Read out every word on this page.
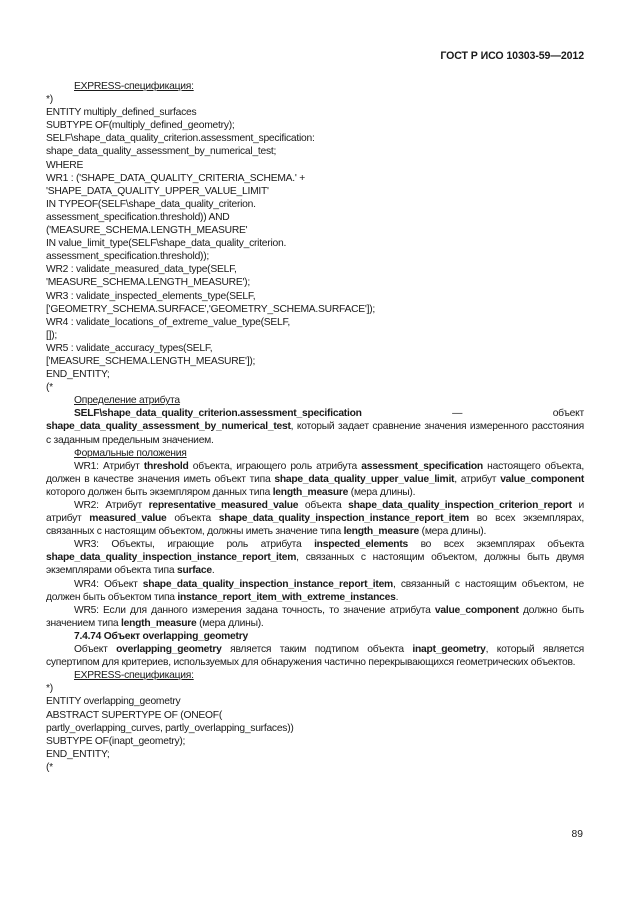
ГОСТ Р ИСО 10303-59—2012
EXPRESS-спецификация:
*)
ENTITY multiply_defined_surfaces
SUBTYPE OF(multiply_defined_geometry);
SELF\shape_data_quality_criterion.assessment_specification:
shape_data_quality_assessment_by_numerical_test;
WHERE
WR1 : ('SHAPE_DATA_QUALITY_CRITERIA_SCHEMA.' +
'SHAPE_DATA_QUALITY_UPPER_VALUE_LIMIT'
IN TYPEOF(SELF\shape_data_quality_criterion.
assessment_specification.threshold)) AND
('MEASURE_SCHEMA.LENGTH_MEASURE'
IN value_limit_type(SELF\shape_data_quality_criterion.
assessment_specification.threshold));
WR2 : validate_measured_data_type(SELF,
'MEASURE_SCHEMA.LENGTH_MEASURE');
WR3 : validate_inspected_elements_type(SELF,
['GEOMETRY_SCHEMA.SURFACE','GEOMETRY_SCHEMA.SURFACE']);
WR4 : validate_locations_of_extreme_value_type(SELF,
[]);
WR5 : validate_accuracy_types(SELF,
['MEASURE_SCHEMA.LENGTH_MEASURE']);
END_ENTITY;
(*
Определение атрибута
SELF\shape_data_quality_criterion.assessment_specification — объект shape_data_quality_assessment_by_numerical_test, который задает сравнение значения измеренного расстояния с заданным предельным значением.
Формальные положения
WR1: Атрибут threshold объекта, играющего роль атрибута assessment_specification настоящего объекта, должен в качестве значения иметь объект типа shape_data_quality_upper_value_limit, атрибут value_component которого должен быть экземпляром данных типа length_measure (мера длины).
WR2: Атрибут representative_measured_value объекта shape_data_quality_inspection_criterion_report и атрибут measured_value объекта shape_data_quality_inspection_instance_report_item во всех экземплярах, связанных с настоящим объектом, должны иметь значение типа length_measure (мера длины).
WR3: Объекты, играющие роль атрибута inspected_elements во всех экземплярах объекта shape_data_quality_inspection_instance_report_item, связанных с настоящим объектом, должны быть двумя экземплярами объекта типа surface.
WR4: Объект shape_data_quality_inspection_instance_report_item, связанный с настоящим объектом, не должен быть объектом типа instance_report_item_with_extreme_instances.
WR5: Если для данного измерения задана точность, то значение атрибута value_component должно быть значением типа length_measure (мера длины).
7.4.74 Объект overlapping_geometry
Объект overlapping_geometry является таким подтипом объекта inapt_geometry, который является супертипом для критериев, используемых для обнаружения частично перекрывающихся геометрических объектов.
EXPRESS-спецификация:
*)
ENTITY overlapping_geometry
ABSTRACT SUPERTYPE OF (ONEOF(
partly_overlapping_curves, partly_overlapping_surfaces))
SUBTYPE OF(inapt_geometry);
END_ENTITY;
(*
89
